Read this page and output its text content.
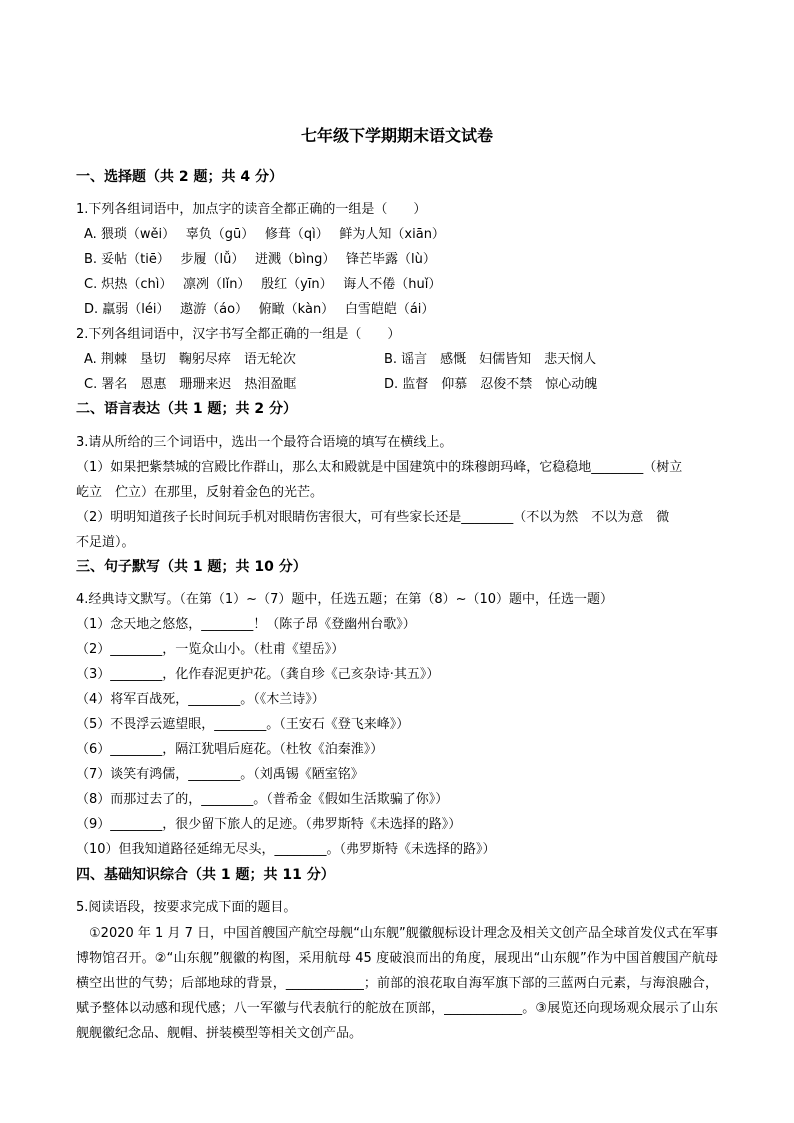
七年级下学期期末语文试卷
一、选择题（共 2 题；共 4 分）
1.下列各组词语中，加点字的读音全都正确的一组是（　　）
A. 猥琐（wěi）　 辜负（gū）　 修葺（qì）　 鲜为人知（xiān）
B. 妥帖（tiē）　 步履（lǚ）　 迸溅（bìng）　 锋芒毕露（lù）
C. 炽热（chì）　 凛冽（lǐn）　 殷红（yīn）　 诲人不倦（huǐ）
D. 羸弱（léi）　 遨游（áo）　 俯瞰（kàn）　 白雪皑皑（ái）
2.下列各组词语中，汉字书写全都正确的一组是（　　）
A. 荆棘　垦切　鞠躬尽瘁　语无轮次	B. 谣言　感慨　妇儒皆知　悲天悯人
C. 署名　恩惠　珊珊来迟　热泪盈眶	D. 监督　仰慕　忍俊不禁　惊心动魄
二、语言表达（共 1 题；共 2 分）
3.请从所给的三个词语中，选出一个最符合语境的填写在横线上。
（1）如果把紫禁城的宫殿比作群山，那么太和殿就是中国建筑中的珠穆朗玛峰，它稳稳地________（树立
屹立　伫立）在那里，反射着金色的光芒。
（2）明明知道孩子长时间玩手机对眼睛伤害很大，可有些家长还是________（不以为然　不以为意　微
不足道）。
三、句子默写（共 1 题；共 10 分）
4.经典诗文默写。（在第（1）~（7）题中，任选五题；在第（8）~（10）题中，任选一题）
（1）念天地之悠悠，________！（陈子昂《登幽州台歌》）
（2）________，一览众山小。（杜甫《望岳》）
（3）________，化作春泥更护花。（龚自珍《己亥杂诗·其五》）
（4）将军百战死，________。（《木兰诗》）
（5）不畏浮云遮望眼，________。（王安石《登飞来峰》）
（6）________，隔江犹唱后庭花。（杜牧《泊秦淮》）
（7）谈笑有鸿儒，________。（刘禹锡《陋室铭》
（8）而那过去了的，________。（普希金《假如生活欺骗了你》）
（9）________，很少留下旅人的足迹。（弗罗斯特《未选择的路》）
（10）但我知道路径延绵无尽头，________。（弗罗斯特《未选择的路》）
四、基础知识综合（共 1 题；共 11 分）
5.阅读语段，按要求完成下面的题目。
　①2020 年 1 月 7 日，中国首艘国产航空母舰“山东舰”舰徽舰标设计理念及相关文创产品全球首发仪式在军事博物馆召开。②“山东舰”舰徽的构图，采用航母 45 度破浪而出的角度，展现出“山东舰”作为中国首艘国产航母横空出世的气势；后部地球的背景，____________；前部的浪花取自海军旗下部的三蓝两白元素，与海浪融合，赋予整体以动感和现代感；八一军徽与代表航行的舵放在顶部，____________。③展览还向现场观众展示了山东舰舰徽纪念品、舰帽、拼装模型等相关文创产品。
